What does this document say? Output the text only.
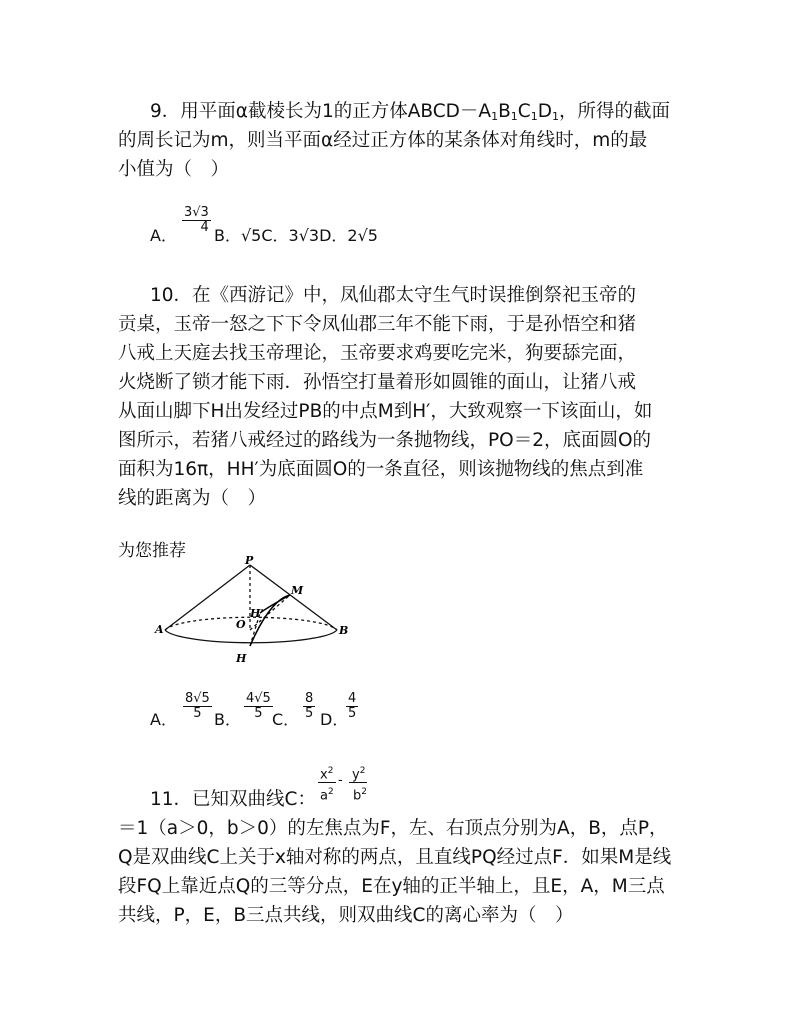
9．用平面α截棱长为1的正方体$ABCD-A_1B_1C_1D_1$，所得的截面
的周长记为m，则当平面α经过正方体的某条体对角线时，m的最
小值为（　）
A．
$\frac{3√3}{4}$
B．√5C．3√3D．2√5
10．在《西游记》中，凤仙郡太守生气时误推倒祭祀玉帝的
贡桌，玉帝一怒之下下令凤仙郡三年不能下雨，于是孙悟空和猪
八戒上天庭去找玉帝理论，玉帝要求鸡要吃完米，狗要舔完面，
火烧断了锁才能下雨．孙悟空打量着形如圆锥的面山，让猪八戒
从面山脚下H出发经过PB的中点M到H′，大致观察一下该面山，如
图所示，若猪八戒经过的路线为一条抛物线，PO＝2，底面圆O的
面积为16π，HH′为底面圆O的一条直径，则该抛物线的焦点到准
线的距离为（　）
为您推荐	P
M
H'
O
A	B
H
A． $\frac{8√5}{5}$ B． $\frac{4√5}{5}$ C． $\frac{8}{5}$ D．
$\frac{4}{5}$
11．已知双曲线C：
$x^2$
$a^2$
- $y^2$
$b^2$
＝1（a＞0，b＞0）的左焦点为F，左、右顶点分别为A，B，点P，
Q是双曲线C上关于x轴对称的两点，且直线PQ经过点F．如果M是线
段FQ上靠近点Q的三等分点，E在y轴的正半轴上，且E，A，M三点
共线，P，E，B三点共线，则双曲线C的离心率为（　）
